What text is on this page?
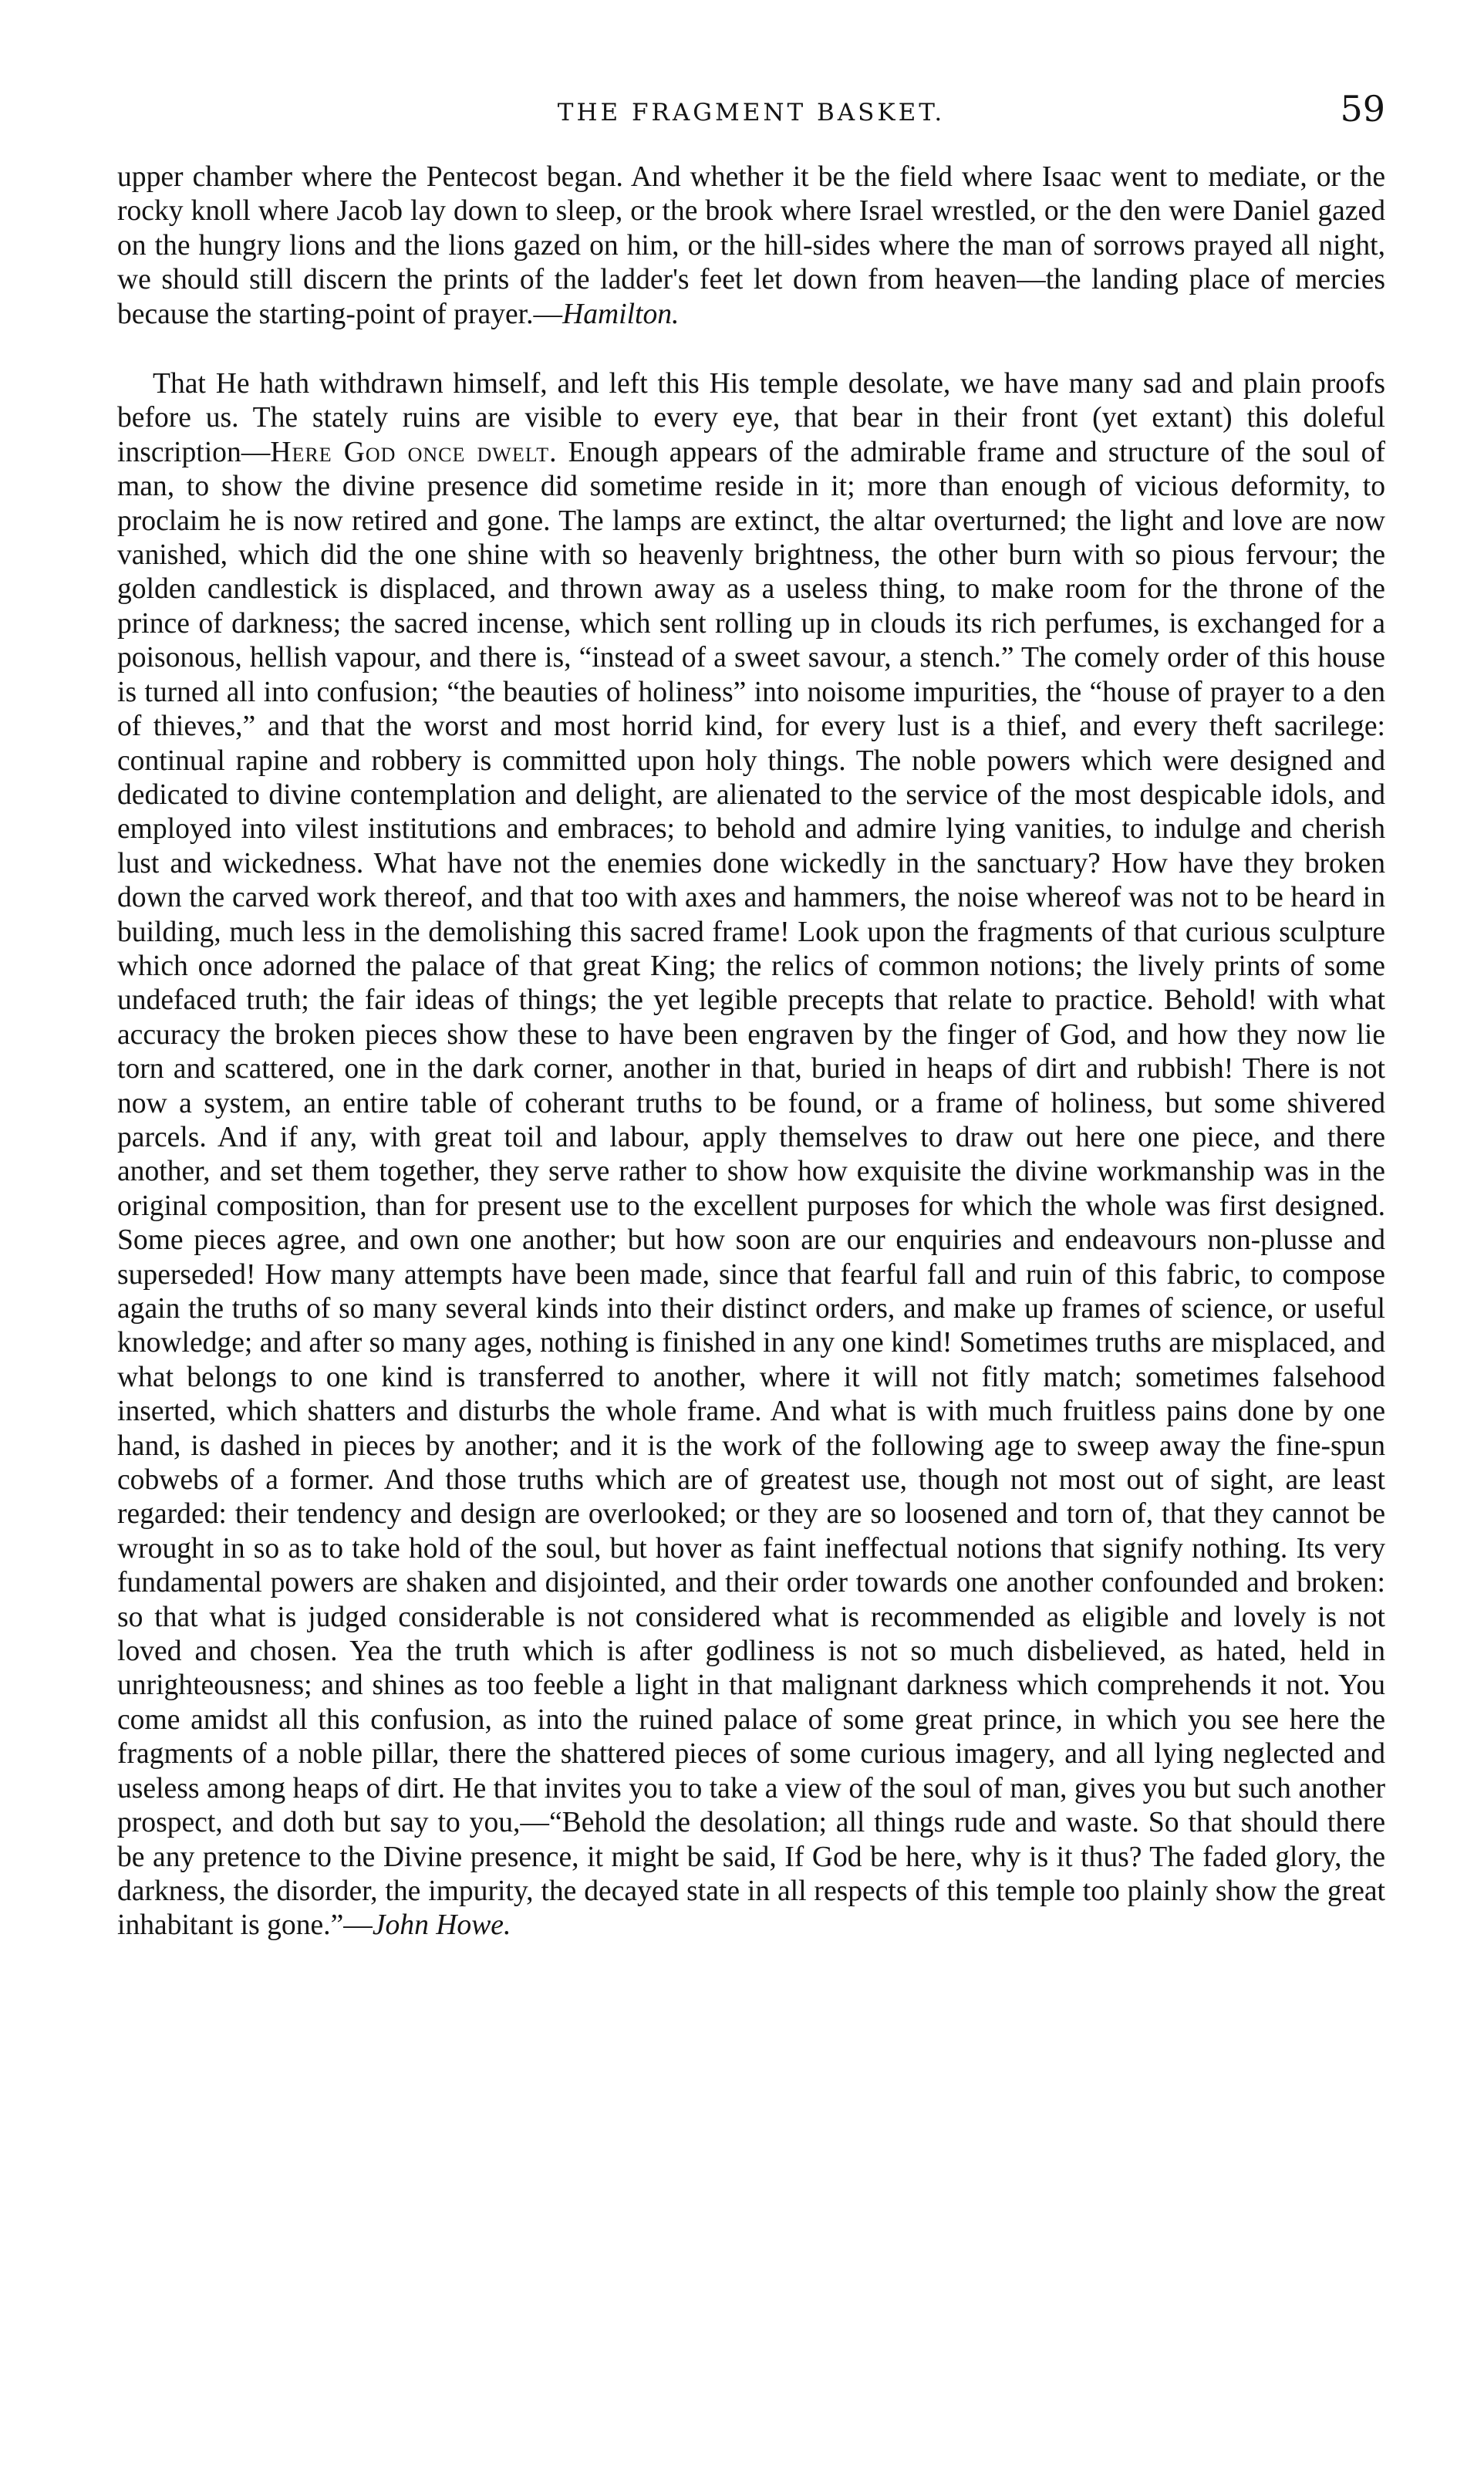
THE FRAGMENT BASKET.	59

upper chamber where the Pentecost began. And whether it be the field where Isaac went to mediate, or the rocky knoll where Jacob lay down to sleep, or the brook where Israel wrestled, or the den were Daniel gazed on the hungry lions and the lions gazed on him, or the hill-sides where the man of sorrows prayed all night, we should still discern the prints of the ladder's feet let down from heaven—the landing place of mercies because the starting-point of prayer.—Hamilton.

That He hath withdrawn himself, and left this His temple desolate, we have many sad and plain proofs before us. The stately ruins are visible to every eye, that bear in their front (yet extant) this doleful inscription—Here God once dwelt. Enough appears of the admirable frame and structure of the soul of man, to show the divine presence did sometime reside in it; more than enough of vicious deformity, to proclaim he is now retired and gone. The lamps are extinct, the altar overturned; the light and love are now vanished, which did the one shine with so heavenly brightness, the other burn with so pious fervour; the golden candlestick is displaced, and thrown away as a useless thing, to make room for the throne of the prince of darkness; the sacred incense, which sent rolling up in clouds its rich perfumes, is exchanged for a poisonous, hellish vapour, and there is, “instead of a sweet savour, a stench.” The comely order of this house is turned all into confusion; “the beauties of holiness” into noisome impurities, the “house of prayer to a den of thieves,” and that the worst and most horrid kind, for every lust is a thief, and every theft sacrilege: continual rapine and robbery is committed upon holy things. The noble powers which were designed and dedicated to divine contemplation and delight, are alienated to the service of the most despicable idols, and employed into vilest institutions and embraces; to behold and admire lying vanities, to indulge and cherish lust and wickedness. What have not the enemies done wickedly in the sanctuary? How have they broken down the carved work thereof, and that too with axes and hammers, the noise whereof was not to be heard in building, much less in the demolishing this sacred frame! Look upon the fragments of that curious sculpture which once adorned the palace of that great King; the relics of common notions; the lively prints of some undefaced truth; the fair ideas of things; the yet legible precepts that relate to practice. Behold! with what accuracy the broken pieces show these to have been engraven by the finger of God, and how they now lie torn and scattered, one in the dark corner, another in that, buried in heaps of dirt and rubbish! There is not now a system, an entire table of coherant truths to be found, or a frame of holiness, but some shivered parcels. And if any, with great toil and labour, apply themselves to draw out here one piece, and there another, and set them together, they serve rather to show how exquisite the divine workmanship was in the original composition, than for present use to the excellent purposes for which the whole was first designed. Some pieces agree, and own one another; but how soon are our enquiries and endeavours non-plusse and superseded! How many attempts have been made, since that fearful fall and ruin of this fabric, to compose again the truths of so many several kinds into their distinct orders, and make up frames of science, or useful knowledge; and after so many ages, nothing is finished in any one kind! Sometimes truths are misplaced, and what belongs to one kind is transferred to another, where it will not fitly match; sometimes falsehood inserted, which shatters and disturbs the whole frame. And what is with much fruitless pains done by one hand, is dashed in pieces by another; and it is the work of the following age to sweep away the fine-spun cobwebs of a former. And those truths which are of greatest use, though not most out of sight, are least regarded: their tendency and design are overlooked; or they are so loosened and torn of, that they cannot be wrought in so as to take hold of the soul, but hover as faint ineffectual notions that signify nothing. Its very fundamental powers are shaken and disjointed, and their order towards one another confounded and broken: so that what is judged considerable is not considered what is recommended as eligible and lovely is not loved and chosen. Yea the truth which is after godliness is not so much disbelieved, as hated, held in unrighteousness; and shines as too feeble a light in that malignant darkness which comprehends it not. You come amidst all this confusion, as into the ruined palace of some great prince, in which you see here the fragments of a noble pillar, there the shattered pieces of some curious imagery, and all lying neglected and useless among heaps of dirt. He that invites you to take a view of the soul of man, gives you but such another prospect, and doth but say to you,—“Behold the desolation; all things rude and waste. So that should there be any pretence to the Divine presence, it might be said, If God be here, why is it thus? The faded glory, the darkness, the disorder, the impurity, the decayed state in all respects of this temple too plainly show the great inhabitant is gone.”—John Howe.
